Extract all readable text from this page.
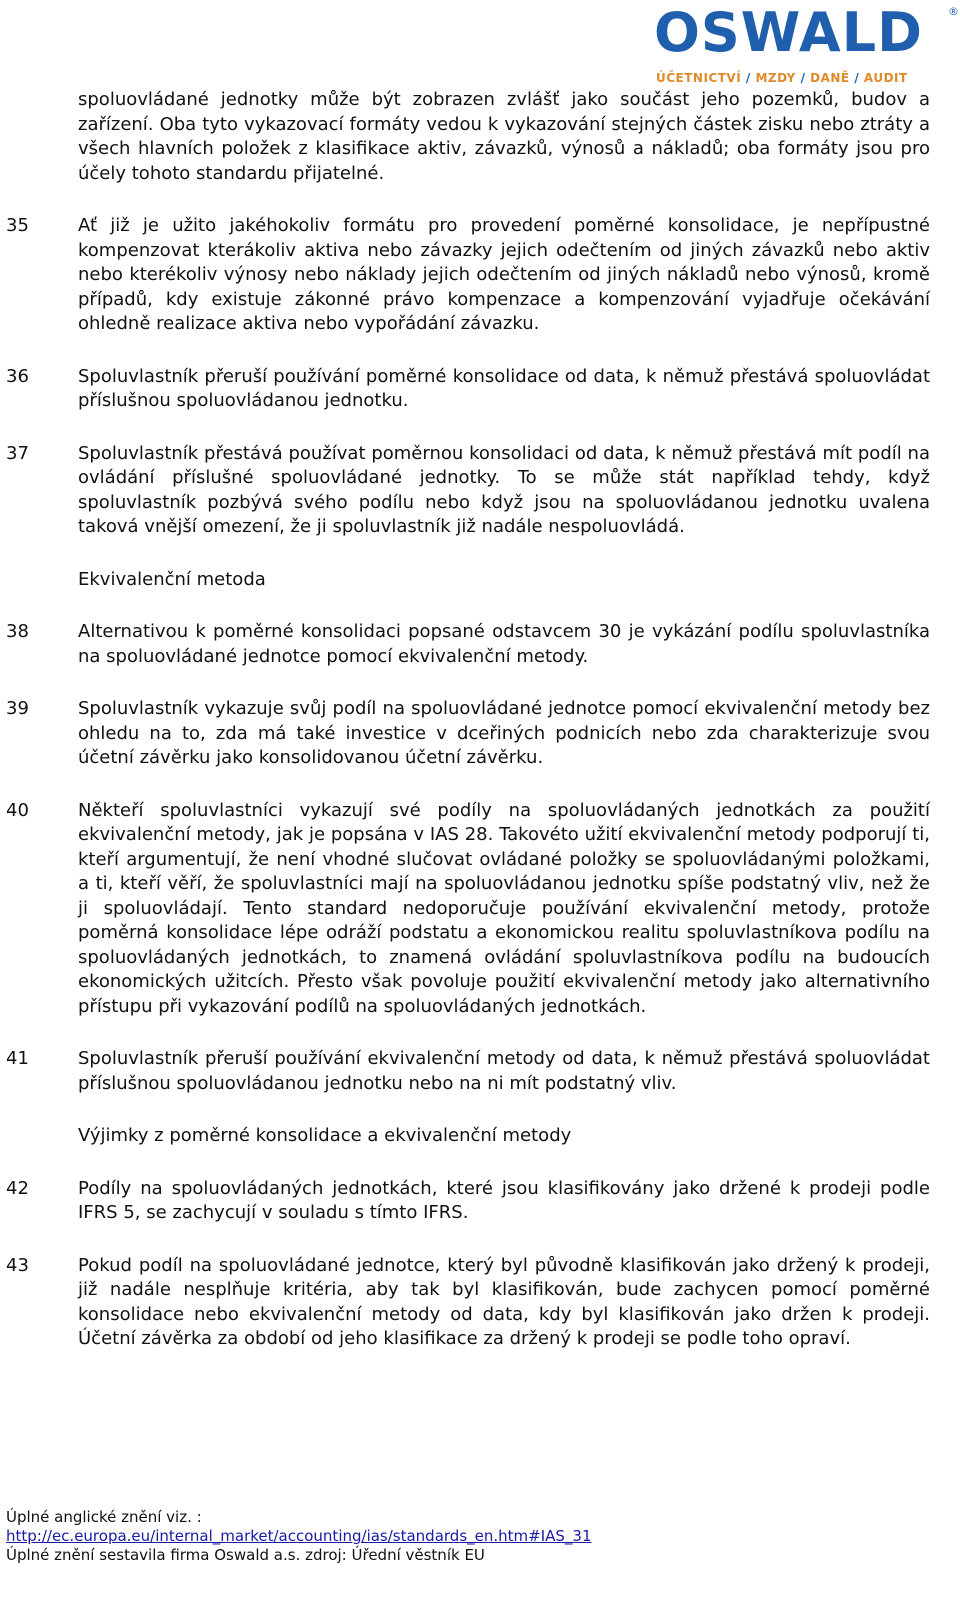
OSWALD ®
ÚČETNICTVÍ / MZDY / DANĚ / AUDIT

spoluovládané jednotky může být zobrazen zvlášť jako součást jeho pozemků, budov a zařízení. Oba tyto vykazovací formáty vedou k vykazování stejných částek zisku nebo ztráty a všech hlavních položek z klasifikace aktiv, závazků, výnosů a nákladů; oba formáty jsou pro účely tohoto standardu přijatelné.

35	Ať již je užito jakéhokoliv formátu pro provedení poměrné konsolidace, je nepřípustné kompenzovat kterákoliv aktiva nebo závazky jejich odečtením od jiných závazků nebo aktiv nebo kterékoliv výnosy nebo náklady jejich odečtením od jiných nákladů nebo výnosů, kromě případů, kdy existuje zákonné právo kompenzace a kompenzování vyjadřuje očekávání ohledně realizace aktiva nebo vypořádání závazku.
36	Spoluvlastník přeruší používání poměrné konsolidace od data, k němuž přestává spoluovládat příslušnou spoluovládanou jednotku.
37	Spoluvlastník přestává používat poměrnou konsolidaci od data, k němuž přestává mít podíl na ovládání příslušné spoluovládané jednotky. To se může stát například tehdy, když spoluvlastník pozbývá svého podílu nebo když jsou na spoluovládanou jednotku uvalena taková vnější omezení, že ji spoluvlastník již nadále nespoluovládá.

Ekvivalenční metoda

38	Alternativou k poměrné konsolidaci popsané odstavcem 30 je vykázání podílu spoluvlastníka na spoluovládané jednotce pomocí ekvivalenční metody.
39	Spoluvlastník vykazuje svůj podíl na spoluovládané jednotce pomocí ekvivalenční metody bez ohledu na to, zda má také investice v dceřiných podnicích nebo zda charakterizuje svou účetní závěrku jako konsolidovanou účetní závěrku.
40	Někteří spoluvlastníci vykazují své podíly na spoluovládaných jednotkách za použití ekvivalenční metody, jak je popsána v IAS 28. Takovéto užití ekvivalenční metody podporují ti, kteří argumentují, že není vhodné slučovat ovládané položky se spoluovládanými položkami, a ti, kteří věří, že spoluvlastníci mají na spoluovládanou jednotku spíše podstatný vliv, než že ji spoluovládají. Tento standard nedoporučuje používání ekvivalenční metody, protože poměrná konsolidace lépe odráží podstatu a ekonomickou realitu spoluvlastníkova podílu na spoluovládaných jednotkách, to znamená ovládání spoluvlastníkova podílu na budoucích ekonomických užitcích. Přesto však povoluje použití ekvivalenční metody jako alternativního přístupu při vykazování podílů na spoluovládaných jednotkách.
41	Spoluvlastník přeruší používání ekvivalenční metody od data, k němuž přestává spoluovládat příslušnou spoluovládanou jednotku nebo na ni mít podstatný vliv.

Výjimky z poměrné konsolidace a ekvivalenční metody

42	Podíly na spoluovládaných jednotkách, které jsou klasifikovány jako držené k prodeji podle IFRS 5, se zachycují v souladu s tímto IFRS.
43	Pokud podíl na spoluovládané jednotce, který byl původně klasifikován jako držený k prodeji, již nadále nesplňuje kritéria, aby tak byl klasifikován, bude zachycen pomocí poměrné konsolidace nebo ekvivalenční metody od data, kdy byl klasifikován jako držen k prodeji. Účetní závěrka za období od jeho klasifikace za držený k prodeji se podle toho opraví.
Úplné anglické znění viz. :
http://ec.europa.eu/internal_market/accounting/ias/standards_en.htm#IAS_31
Úplné znění sestavila firma Oswald a.s. zdroj: Úřední věstník EU
